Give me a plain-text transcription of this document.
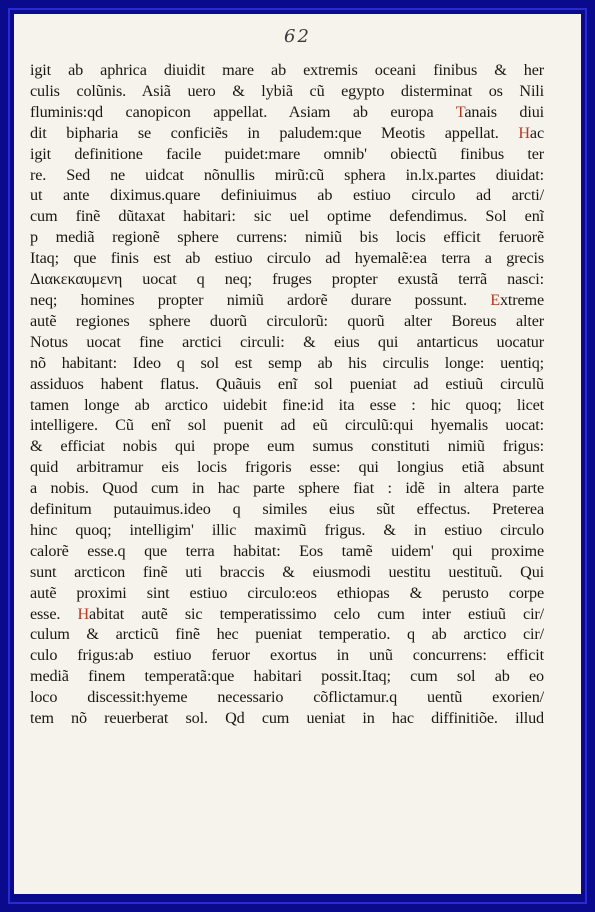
62
igit ab aphrica diuidit mare ab extremis oceani finibus & her
culis colũnis. Asiã uero & lybiã cũ egypto disterminat os Nili
fluminis:qd canopicon appellat. Asiam ab europa Tanais diui
dit bipharia se conficiẽs in paludem:que Meotis appellat. Hac
igit definitione facile puidet:mare omnib' obiectũ finibus ter
re. Sed ne uidcat nõnullis mirũ:cũ sphera in.lx.partes diuidat:
ut ante diximus.quare definiuimus ab estiuo circulo ad arcti/
cum finẽ dũtaxat habitari: sic uel optime defendimus. Sol enĩ
p mediã regionẽ sphere currens: nimiũ bis locis efficit feruorẽ
Itaq; que finis est ab estiuo circulo ad hyemalẽ:ea terra a grecis
Διακεκαυμενη uocat q neq; fruges propter exustã terrã nasci:
neq; homines propter nimiũ ardorẽ durare possunt. Extreme
autẽ regiones sphere duorũ circulorũ: quorũ alter Boreus alter
Notus uocat fine arctici circuli: & eius qui antarticus uocatur
nõ habitant: Ideo q sol est semp ab his circulis longe: uentiq;
assiduos habent flatus. Quãuis enĩ sol pueniat ad estiuũ circulũ
tamen longe ab arctico uidebit fine:id ita esse : hic quoq; licet
intelligere. Cũ enĩ sol puenit ad eũ circulũ:qui hyemalis uocat:
& efficiat nobis qui prope eum sumus constituti nimiũ frigus:
quid arbitramur eis locis frigoris esse: qui longius etiã absunt
a nobis. Quod cum in hac parte sphere fiat : idẽ in altera parte
definitum putauimus.ideo q similes eius sũt effectus. Preterea
hinc quoq; intelligim' illic maximũ frigus. & in estiuo circulo
calorẽ esse.q que terra habitat: Eos tamẽ uidem' qui proxime
sunt arcticon finẽ uti braccis & eiusmodi uestitu uestituũ. Qui
autẽ proximi sint estiuo circulo:eos ethiopas & perusto corpe
esse. Habitat autẽ sic temperatissimo celo cum inter estiuũ cir/
culum & arcticũ finẽ hec pueniat temperatio. q ab arctico cir/
culo frigus:ab estiuo feruor exortus in unũ concurrens: efficit
mediã finem temperatã:que habitari possit.Itaq; cum sol ab eo
loco discessit:hyeme necessario cõflictamur.q uentũ exorien/
tem nõ reuerberat sol. Qd cum ueniat in hac diffinitiõe. illud
